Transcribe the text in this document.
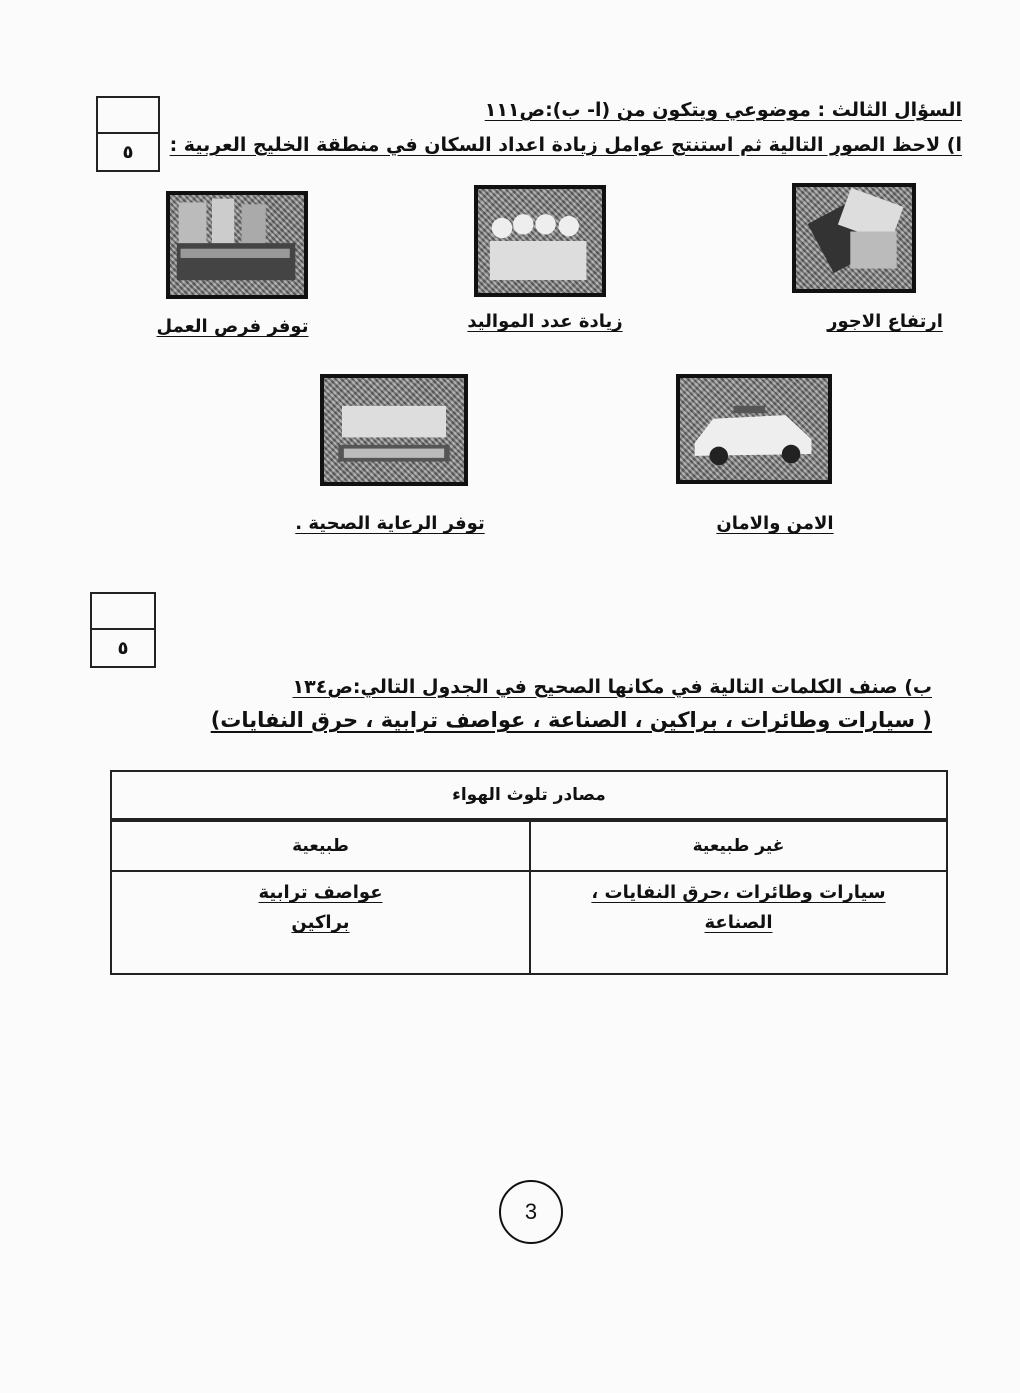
٥
السؤال الثالث : موضوعي ويتكون من (ا- ب):ص١١١
ا) لاحظ الصور التالية ثم استنتج عوامل زيادة اعداد السكان في منطقة الخليج العربية :
ارتفاع الاجور
زيادة عدد المواليد
توفر فرص العمل
الامن والامان
توفر الرعاية الصحية .
٥
ب) صنف الكلمات التالية في مكانها الصحيح في الجدول التالي:ص١٣٤
( سيارات وطائرات ، براكين ، الصناعة ، عواصف ترابية ، حرق النفايات)
مصادر تلوث الهواء
غير طبيعية
طبيعية
سيارات وطائرات ،حرق النفايات ،
الصناعة
عواصف ترابية
براكين
3
